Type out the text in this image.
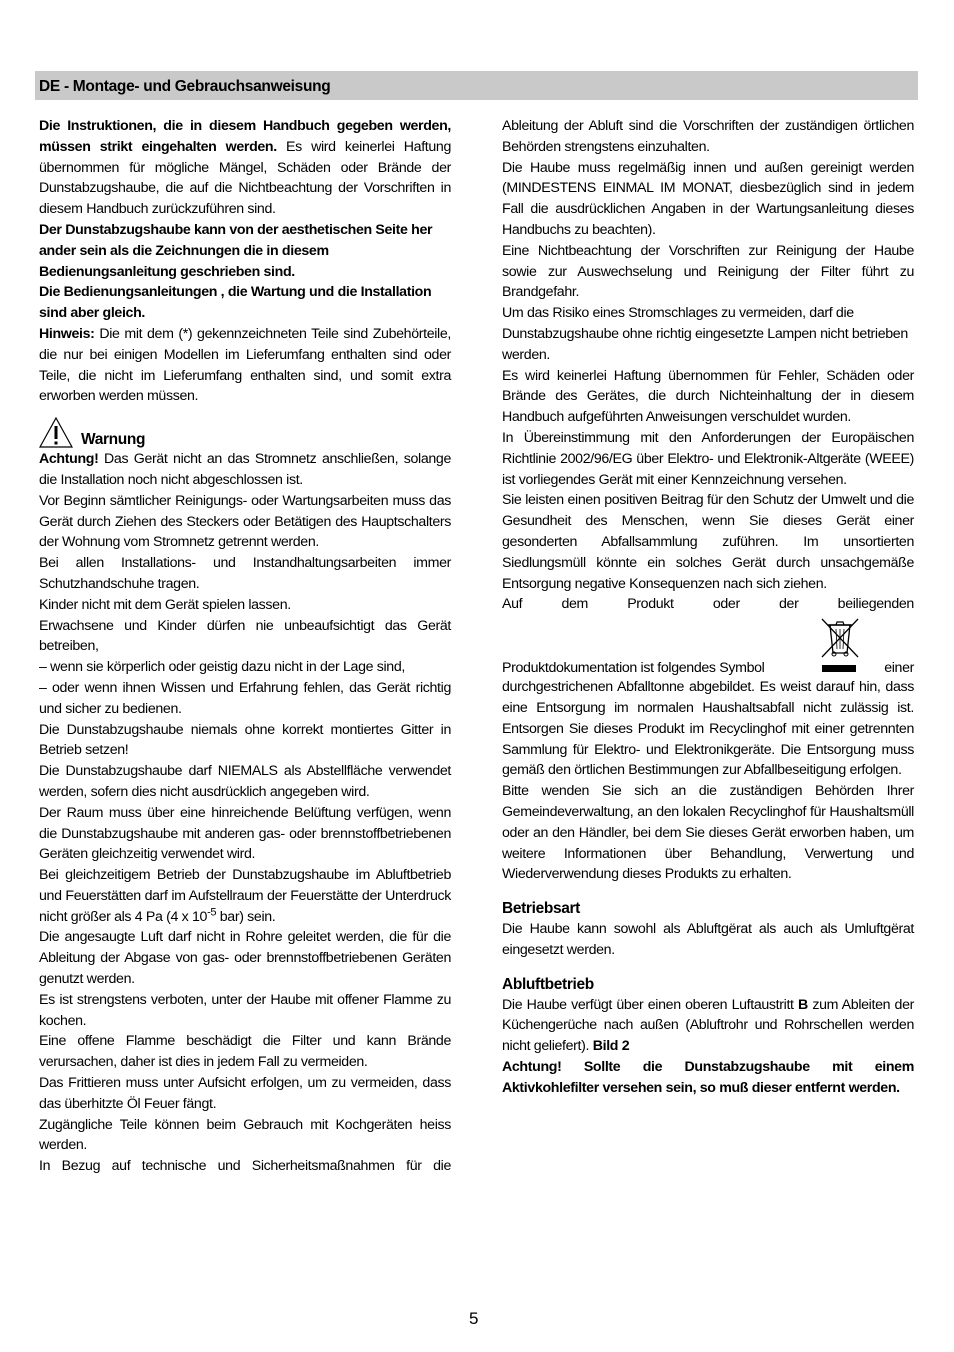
DE - Montage- und Gebrauchsanweisung

Die Instruktionen, die in diesem Handbuch gegeben werden, müssen strikt eingehalten werden. Es wird keinerlei Haftung übernommen für mögliche Mängel, Schäden oder Brände der Dunstabzugshaube, die auf die Nichtbeachtung der Vorschriften in diesem Handbuch zurückzuführen sind.

Der Dunstabzugshaube kann von der aesthetischen Seite her ander sein als die Zeichnungen die in diesem Bedienungsanleitung geschrieben sind.

Die Bedienungsanleitungen , die Wartung und die Installation sind aber gleich.

Hinweis: Die mit dem (*) gekennzeichneten Teile sind Zubehörteile, die nur bei einigen Modellen im Lieferumfang enthalten sind oder Teile, die nicht im Lieferumfang enthalten sind, und somit extra erworben werden müssen.

Warnung

Achtung! Das Gerät nicht an das Stromnetz anschließen, solange die Installation noch nicht abgeschlossen ist.

Vor Beginn sämtlicher Reinigungs- oder Wartungsarbeiten muss das Gerät durch Ziehen des Steckers oder Betätigen des Hauptschalters der Wohnung vom Stromnetz getrennt werden.

Bei allen Installations- und Instandhaltungsarbeiten immer Schutzhandschuhe tragen.

Kinder nicht mit dem Gerät spielen lassen.

Erwachsene und Kinder dürfen nie unbeaufsichtigt das Gerät betreiben,

– wenn sie körperlich oder geistig dazu nicht in der Lage sind,

– oder wenn ihnen Wissen und Erfahrung fehlen, das Gerät richtig und sicher zu bedienen.

Die Dunstabzugshaube niemals ohne korrekt montiertes Gitter in Betrieb setzen!

Die Dunstabzugshaube darf NIEMALS als Abstellfläche verwendet werden, sofern dies nicht ausdrücklich angegeben wird.

Der Raum muss über eine hinreichende Belüftung verfügen, wenn die Dunstabzugshaube mit anderen gas- oder brennstoffbetriebenen Geräten gleichzeitig verwendet wird.

Bei gleichzeitigem Betrieb der Dunstabzugshaube im Abluftbetrieb und Feuerstätten darf im Aufstellraum der Feuerstätte der Unterdruck nicht größer als 4 Pa (4 x $10^{-5}$ bar) sein.

Die angesaugte Luft darf nicht in Rohre geleitet werden, die für die Ableitung der Abgase von gas- oder brennstoffbetriebenen Geräten genutzt werden.

Es ist strengstens verboten, unter der Haube mit offener Flamme zu kochen.

Eine offene Flamme beschädigt die Filter und kann Brände verursachen, daher ist dies in jedem Fall zu vermeiden.

Das Frittieren muss unter Aufsicht erfolgen, um zu vermeiden, dass das überhitzte Öl Feuer fängt.

Zugängliche Teile können beim Gebrauch mit Kochgeräten heiss werden.

In Bezug auf technische und Sicherheitsmaßnahmen für die

Ableitung der Abluft sind die Vorschriften der zuständigen örtlichen Behörden strengstens einzuhalten.

Die Haube muss regelmäßig innen und außen gereinigt werden (MINDESTENS EINMAL IM MONAT, diesbezüglich sind in jedem Fall die ausdrücklichen Angaben in der Wartungsanleitung dieses Handbuchs zu beachten).

Eine Nichtbeachtung der Vorschriften zur Reinigung der Haube sowie zur Auswechselung und Reinigung der Filter führt zu Brandgefahr.

Um das Risiko eines Stromschlages zu vermeiden, darf die

Dunstabzugshaube ohne richtig eingesetzte Lampen nicht betrieben

werden.

Es wird keinerlei Haftung übernommen für Fehler, Schäden oder Brände des Gerätes, die durch Nichteinhaltung der in diesem Handbuch aufgeführten Anweisungen verschuldet wurden.

In Übereinstimmung mit den Anforderungen der Europäischen Richtlinie 2002/96/EG über Elektro- und Elektronik-Altgeräte (WEEE) ist vorliegendes Gerät mit einer Kennzeichnung versehen.

Sie leisten einen positiven Beitrag für den Schutz der Umwelt und die Gesundheit des Menschen, wenn Sie dieses Gerät einer gesonderten Abfallsammlung zuführen. Im unsortierten Siedlungsmüll könnte ein solches Gerät durch unsachgemäße Entsorgung negative Konsequenzen nach sich ziehen.

Auf	dem	Produkt	oder	der	beiliegenden
Produktdokumentation ist folgendes Symbol	einer

durchgestrichenen Abfalltonne abgebildet. Es weist darauf hin, dass eine Entsorgung im normalen Haushaltsabfall nicht zulässig ist. Entsorgen Sie dieses Produkt im Recyclinghof mit einer getrennten Sammlung für Elektro- und Elektronikgeräte. Die Entsorgung muss gemäß den örtlichen Bestimmungen zur Abfallbeseitigung erfolgen.

Bitte wenden Sie sich an die zuständigen Behörden Ihrer Gemeindeverwaltung, an den lokalen Recyclinghof für Haushaltsmüll oder an den Händler, bei dem Sie dieses Gerät erworben haben, um weitere Informationen über Behandlung, Verwertung und Wiederverwendung dieses Produkts zu erhalten.

Betriebsart

Die Haube kann sowohl als Abluftgërat als auch als Umluftgërat eingesetzt werden.

Abluftbetrieb

Die Haube verfügt über einen oberen Luftaustritt B zum Ableiten der Küchengerüche nach außen (Abluftrohr und Rohrschellen werden nicht geliefert). Bild 2

Achtung! Sollte die Dunstabzugshaube mit einem Aktivkohlefilter versehen sein, so muß dieser entfernt werden.

5
